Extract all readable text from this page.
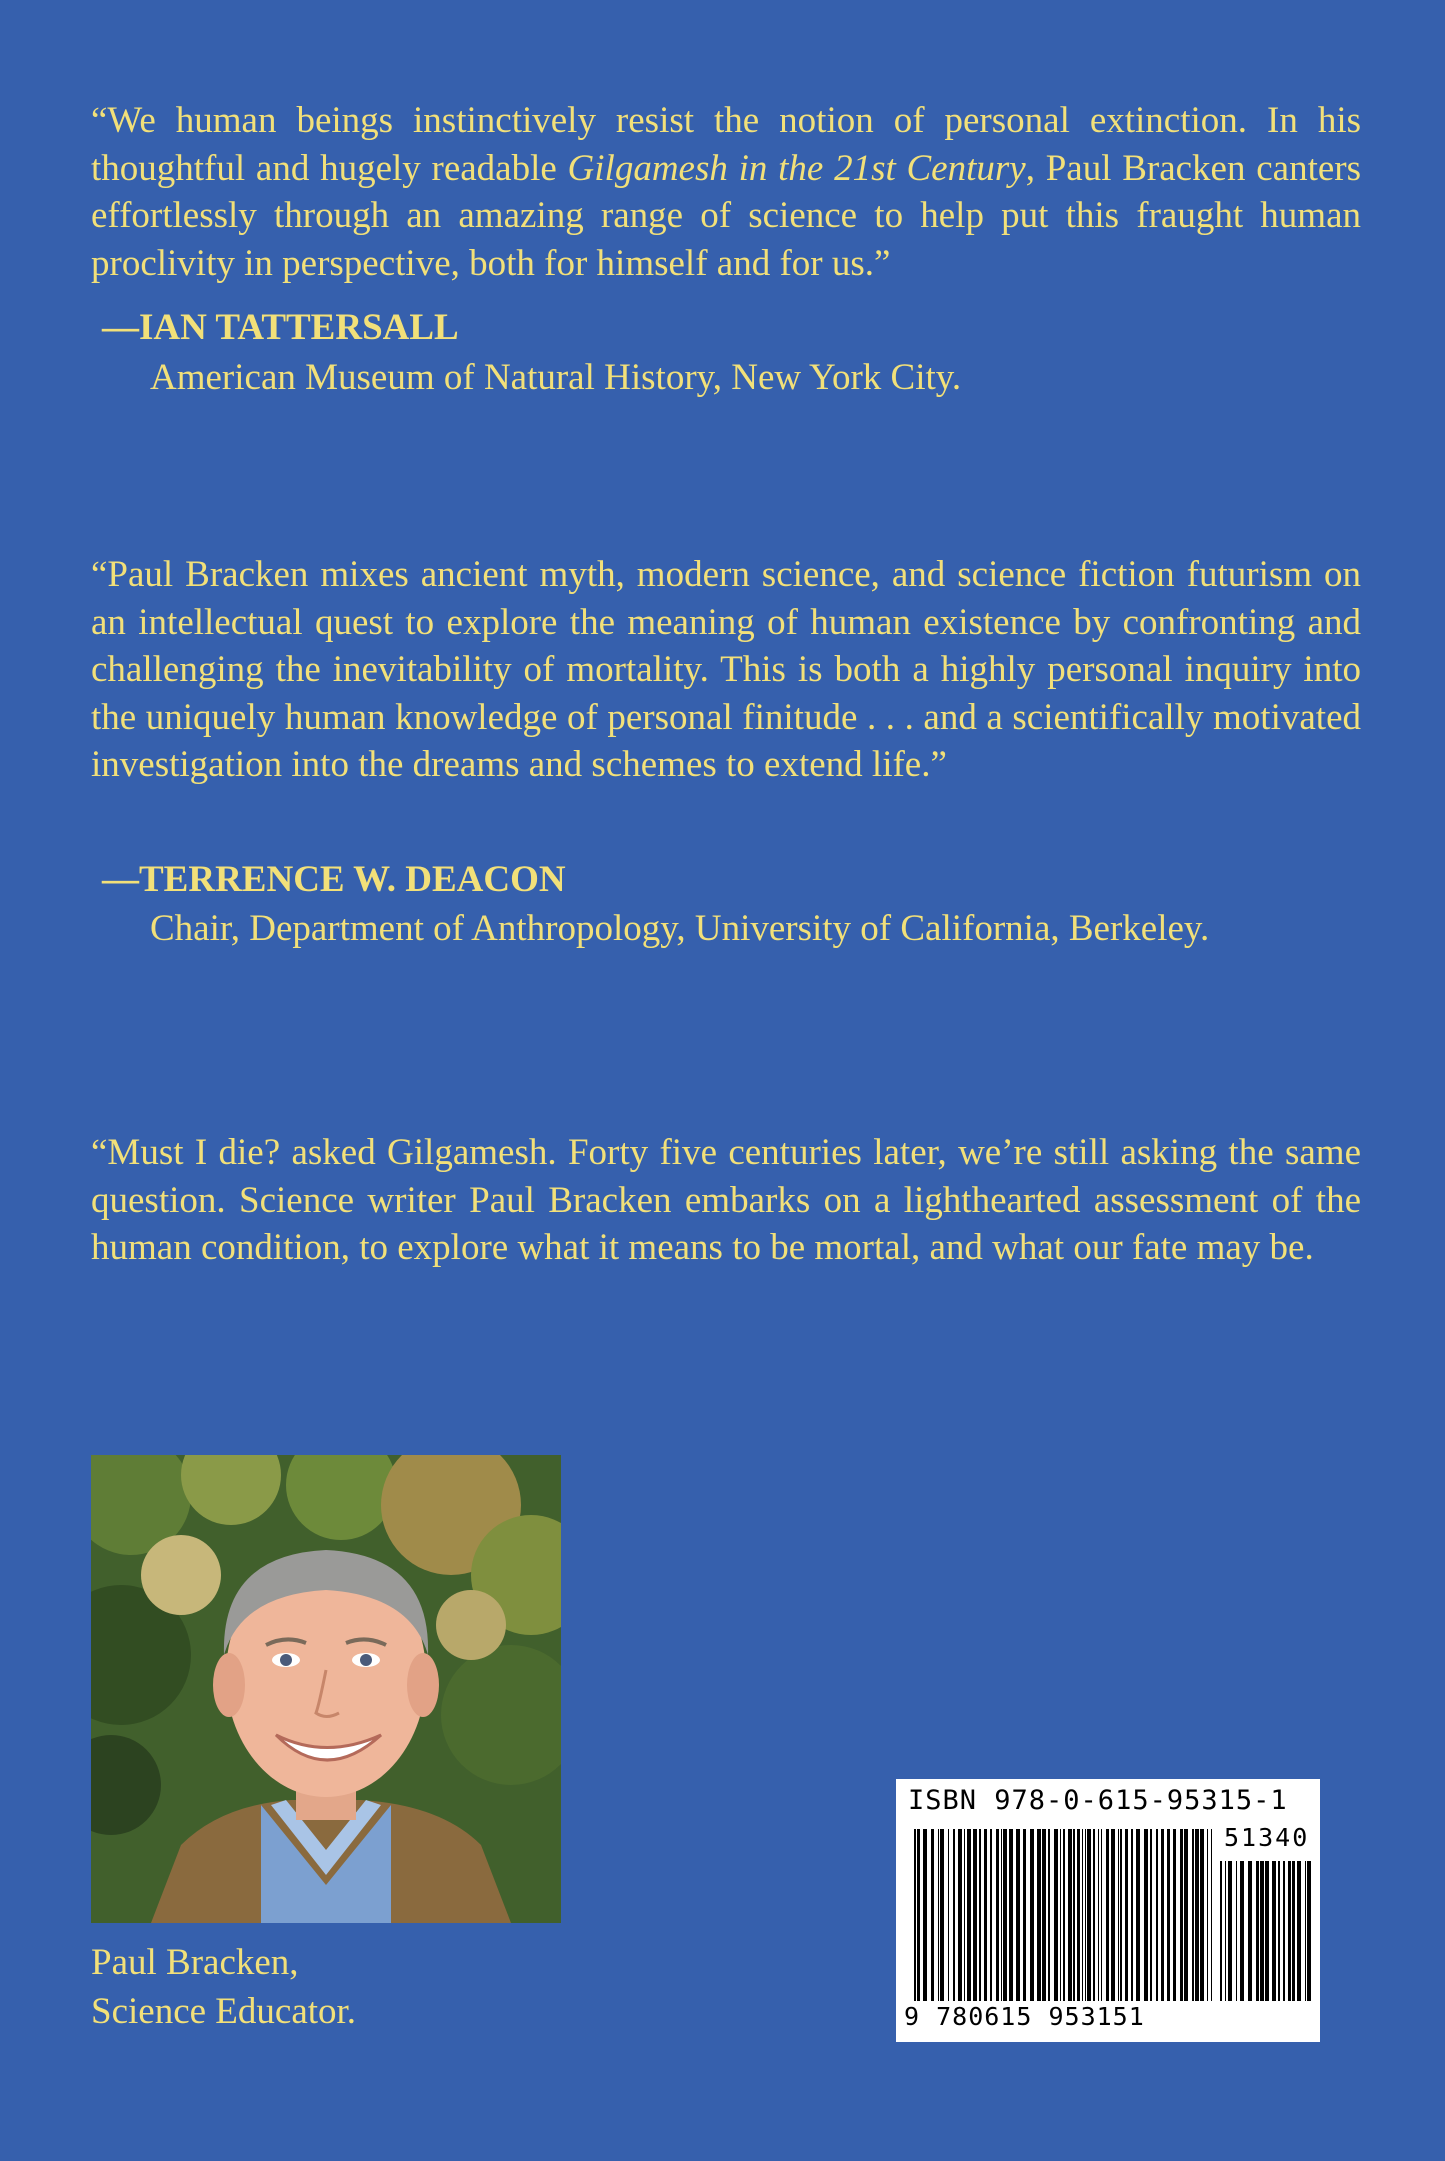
“We human beings instinctively resist the notion of personal extinction. In his thoughtful and hugely readable Gilgamesh in the 21st Century, Paul Bracken canters effortlessly through an amazing range of science to help put this fraught human proclivity in perspective, both for himself and for us.”

—IAN TATTERSALL
American Museum of Natural History, New York City.

“Paul Bracken mixes ancient myth, modern science, and science fiction futurism on an intellectual quest to explore the meaning of human existence by confronting and challenging the inevitability of mortality. This is both a highly personal inquiry into the uniquely human knowledge of personal finitude . . . and a scientifically motivated investigation into the dreams and schemes to extend life.”

—TERRENCE W. DEACON
Chair, Department of Anthropology, University of California, Berkeley.

“Must I die? asked Gilgamesh. Forty five centuries later, we’re still asking the same question. Science writer Paul Bracken embarks on a lighthearted assessment of the human condition, to explore what it means to be mortal, and what our fate may be.

Paul Bracken,
Science Educator.
ISBN 978-0-615-95315-1
51340
9 780615 953151
